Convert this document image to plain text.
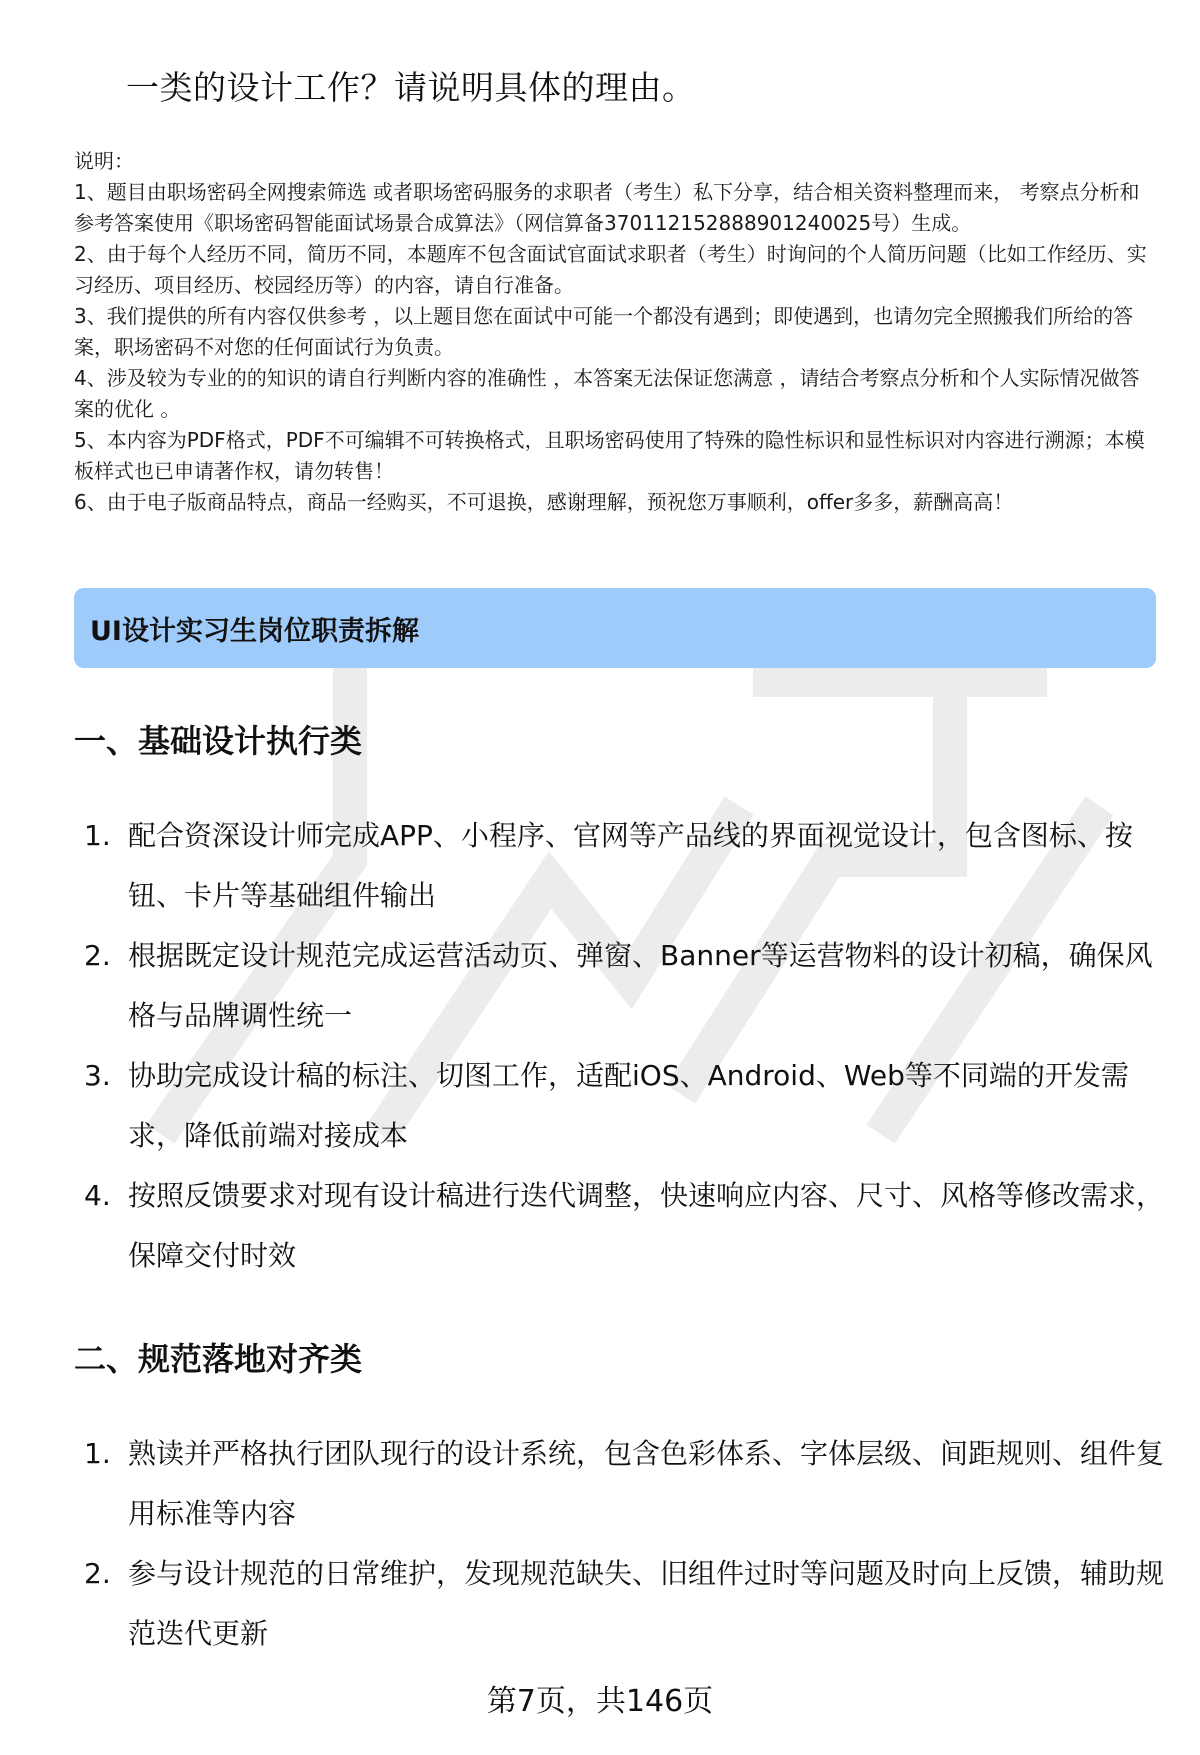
一类的设计工作？请说明具体的理由。

说明：

1、题目由职场密码全网搜索筛选 或者职场密码服务的求职者（考生）私下分享，结合相关资料整理而来， 考察点分析和参考答案使用《职场密码智能面试场景合成算法》（网信算备370112152888901240025号）生成。

2、由于每个人经历不同，简历不同，本题库不包含面试官面试求职者（考生）时询问的个人简历问题（比如工作经历、实习经历、项目经历、校园经历等）的内容，请自行准备。

3、我们提供的所有内容仅供参考 ，以上题目您在面试中可能一个都没有遇到；即使遇到，也请勿完全照搬我们所给的答案，职场密码不对您的任何面试行为负责。

4、涉及较为专业的的知识的请自行判断内容的准确性 ，本答案无法保证您满意 ，请结合考察点分析和个人实际情况做答案的优化 。

5、本内容为PDF格式，PDF不可编辑不可转换格式，且职场密码使用了特殊的隐性标识和显性标识对内容进行溯源；本模板样式也已申请著作权，请勿转售！

6、由于电子版商品特点，商品一经购买，不可退换，感谢理解，预祝您万事顺利，offer多多，薪酬高高！

UI设计实习生岗位职责拆解
一、基础设计执行类
1. 配合资深设计师完成APP、小程序、官网等产品线的界面视觉设计，包含图标、按钮、卡片等基础组件输出
2. 根据既定设计规范完成运营活动页、弹窗、Banner等运营物料的设计初稿，确保风格与品牌调性统一
3. 协助完成设计稿的标注、切图工作，适配iOS、Android、Web等不同端的开发需求，降低前端对接成本
4. 按照反馈要求对现有设计稿进行迭代调整，快速响应内容、尺寸、风格等修改需求，保障交付时效
二、规范落地对齐类
1. 熟读并严格执行团队现行的设计系统，包含色彩体系、字体层级、间距规则、组件复用标准等内容
2. 参与设计规范的日常维护，发现规范缺失、旧组件过时等问题及时向上反馈，辅助规范迭代更新
第7页，共146页
